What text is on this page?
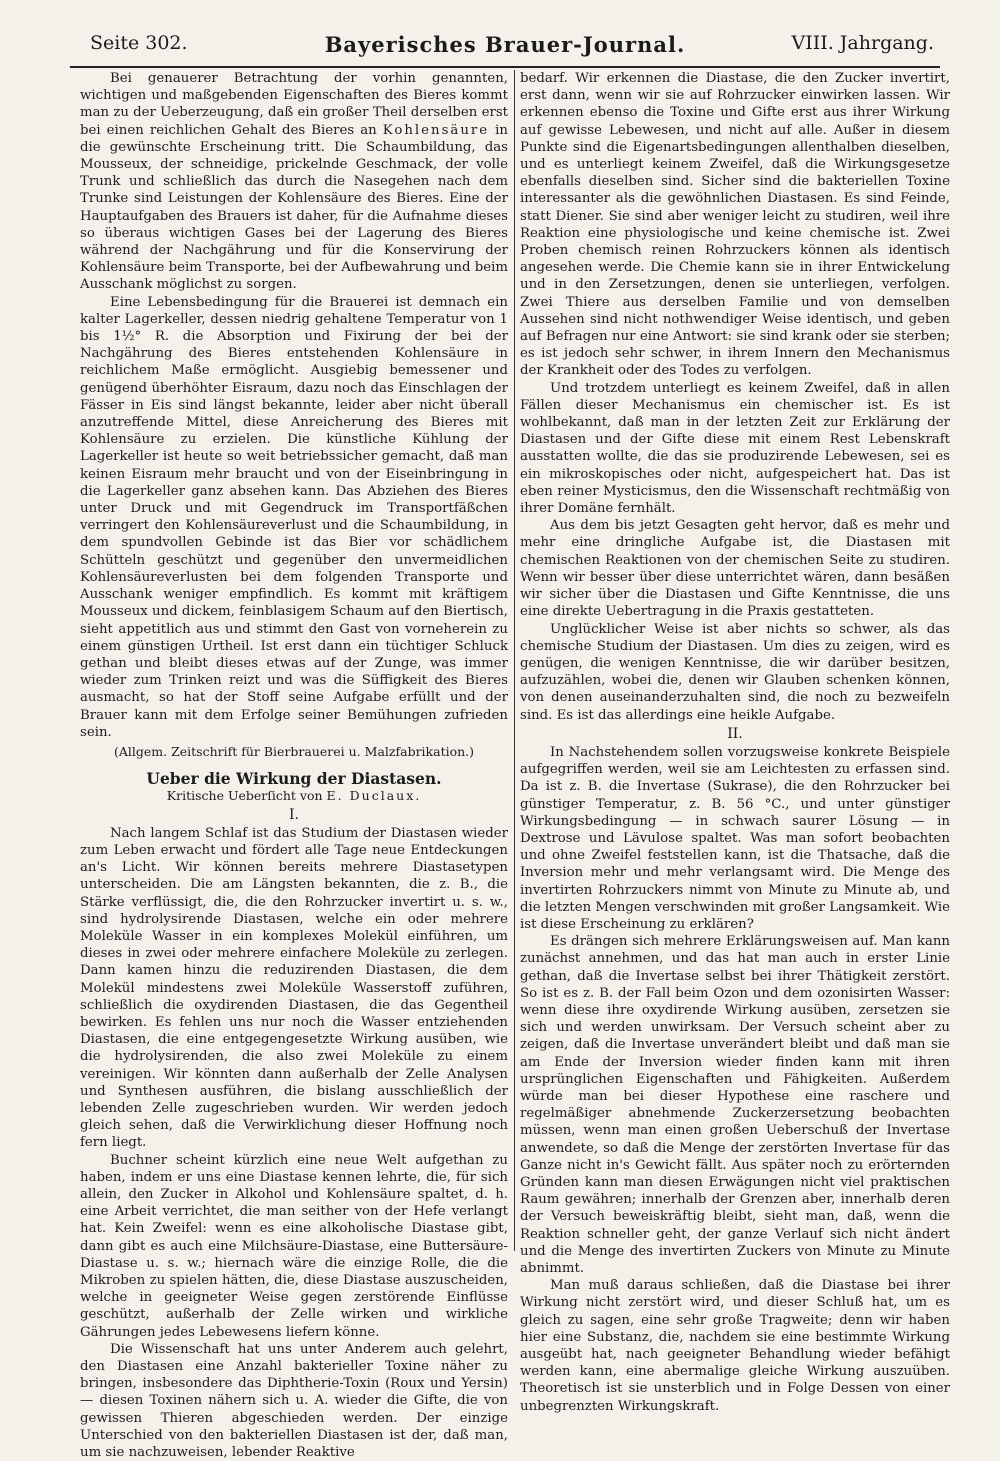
Seite 302.	Bayerisches Brauer-Journal.	VIII. Jahrgang.

Bei genauerer Betrachtung der vorhin genannten, wichtigen und maßgebenden Eigenschaften des Bieres kommt man zu der Ueberzeugung, daß ein großer Theil derselben erst bei einen reichlichen Gehalt des Bieres an Kohlensäure in die gewünschte Erscheinung tritt. Die Schaumbildung, das Mousseux, der schneidige, prickelnde Geschmack, der volle Trunk und schließlich das durch die Nasegehen nach dem Trunke sind Leistungen der Kohlensäure des Bieres. Eine der Hauptaufgaben des Brauers ist daher, für die Aufnahme dieses so überaus wichtigen Gases bei der Lagerung des Bieres während der Nachgährung und für die Konservirung der Kohlensäure beim Transporte, bei der Aufbewahrung und beim Ausschank möglichst zu sorgen.

Eine Lebensbedingung für die Brauerei ist demnach ein kalter Lagerkeller, dessen niedrig gehaltene Temperatur von 1 bis 1½° R. die Absorption und Fixirung der bei der Nachgährung des Bieres entstehenden Kohlensäure in reichlichem Maße ermöglicht. Ausgiebig bemessener und genügend überhöhter Eisraum, dazu noch das Einschlagen der Fässer in Eis sind längst bekannte, leider aber nicht überall anzutreffende Mittel, diese Anreicherung des Bieres mit Kohlensäure zu erzielen. Die künstliche Kühlung der Lagerkeller ist heute so weit betriebssicher gemacht, daß man keinen Eisraum mehr braucht und von der Eiseinbringung in die Lagerkeller ganz absehen kann. Das Abziehen des Bieres unter Druck und mit Gegendruck im Transportfäßchen verringert den Kohlensäureverlust und die Schaumbildung, in dem spundvollen Gebinde ist das Bier vor schädlichem Schütteln geschützt und gegenüber den unvermeidlichen Kohlensäureverlusten bei dem folgenden Transporte und Ausschank weniger empfindlich. Es kommt mit kräftigem Mousseux und dickem, feinblasigem Schaum auf den Biertisch, sieht appetitlich aus und stimmt den Gast von vorneherein zu einem günstigen Urtheil. Ist erst dann ein tüchtiger Schluck gethan und bleibt dieses etwas auf der Zunge, was immer wieder zum Trinken reizt und was die Süffigkeit des Bieres ausmacht, so hat der Stoff seine Aufgabe erfüllt und der Brauer kann mit dem Erfolge seiner Bemühungen zufrieden sein.

(Allgem. Zeitschrift für Bierbrauerei u. Malzfabrikation.)

Ueber die Wirkung der Diastasen.

Kritische Ueberſicht von E. Duclaux.

I.

Nach langem Schlaf ist das Studium der Diastasen wieder zum Leben erwacht und fördert alle Tage neue Entdeckungen an's Licht. Wir können bereits mehrere Diastasetypen unterscheiden. Die am Längsten bekannten, die z. B., die Stärke verflüssigt, die, die den Rohrzucker invertirt u. s. w., sind hydrolysirende Diastasen, welche ein oder mehrere Moleküle Wasser in ein komplexes Molekül einführen, um dieses in zwei oder mehrere einfachere Moleküle zu zerlegen. Dann kamen hinzu die reduzirenden Diastasen, die dem Molekül mindestens zwei Moleküle Wasserstoff zuführen, schließlich die oxydirenden Diastasen, die das Gegentheil bewirken. Es fehlen uns nur noch die Wasser entziehenden Diastasen, die eine entgegengesetzte Wirkung ausüben, wie die hydrolysirenden, die also zwei Moleküle zu einem vereinigen. Wir könnten dann außerhalb der Zelle Analysen und Synthesen ausführen, die bislang ausschließlich der lebenden Zelle zugeschrieben wurden. Wir werden jedoch gleich sehen, daß die Verwirklichung dieser Hoffnung noch fern liegt.

Buchner scheint kürzlich eine neue Welt aufgethan zu haben, indem er uns eine Diastase kennen lehrte, die, für sich allein, den Zucker in Alkohol und Kohlensäure spaltet, d. h. eine Arbeit verrichtet, die man seither von der Hefe verlangt hat. Kein Zweifel: wenn es eine alkoholische Diastase gibt, dann gibt es auch eine Milchsäure-Diastase, eine Buttersäure-Diastase u. s. w.; hiernach wäre die einzige Rolle, die die Mikroben zu spielen hätten, die, diese Diastase auszuscheiden, welche in geeigneter Weise gegen zerstörende Einflüsse geschützt, außerhalb der Zelle wirken und wirkliche Gährungen jedes Lebewesens liefern könne.

Die Wissenschaft hat uns unter Anderem auch gelehrt, den Diastasen eine Anzahl bakterieller Toxine näher zu bringen, insbesondere das Diphtherie-Toxin (Roux und Yersin) — diesen Toxinen nähern sich u. A. wieder die Gifte, die von gewissen Thieren abgeschieden werden. Der einzige Unterschied von den bakteriellen Diastasen ist der, daß man, um sie nachzuweisen, lebender Reaktive

bedarf. Wir erkennen die Diastase, die den Zucker invertirt, erst dann, wenn wir sie auf Rohrzucker einwirken lassen. Wir erkennen ebenso die Toxine und Gifte erst aus ihrer Wirkung auf gewisse Lebewesen, und nicht auf alle. Außer in diesem Punkte sind die Eigenartsbedingungen allenthalben dieselben, und es unterliegt keinem Zweifel, daß die Wirkungsgesetze ebenfalls dieselben sind. Sicher sind die bakteriellen Toxine interessanter als die gewöhnlichen Diastasen. Es sind Feinde, statt Diener. Sie sind aber weniger leicht zu studiren, weil ihre Reaktion eine physiologische und keine chemische ist. Zwei Proben chemisch reinen Rohrzuckers können als identisch angesehen werde. Die Chemie kann sie in ihrer Entwickelung und in den Zersetzungen, denen sie unterliegen, verfolgen. Zwei Thiere aus derselben Familie und von demselben Aussehen sind nicht nothwendiger Weise identisch, und geben auf Befragen nur eine Antwort: sie sind krank oder sie sterben; es ist jedoch sehr schwer, in ihrem Innern den Mechanismus der Krankheit oder des Todes zu verfolgen.

Und trotzdem unterliegt es keinem Zweifel, daß in allen Fällen dieser Mechanismus ein chemischer ist. Es ist wohlbekannt, daß man in der letzten Zeit zur Erklärung der Diastasen und der Gifte diese mit einem Rest Lebenskraft ausstatten wollte, die das sie produzirende Lebewesen, sei es ein mikroskopisches oder nicht, aufgespeichert hat. Das ist eben reiner Mysticismus, den die Wissenschaft rechtmäßig von ihrer Domäne fernhält.

Aus dem bis jetzt Gesagten geht hervor, daß es mehr und mehr eine dringliche Aufgabe ist, die Diastasen mit chemischen Reaktionen von der chemischen Seite zu studiren. Wenn wir besser über diese unterrichtet wären, dann besäßen wir sicher über die Diastasen und Gifte Kenntnisse, die uns eine direkte Uebertragung in die Praxis gestatteten.

Unglücklicher Weise ist aber nichts so schwer, als das chemische Studium der Diastasen. Um dies zu zeigen, wird es genügen, die wenigen Kenntnisse, die wir darüber besitzen, aufzuzählen, wobei die, denen wir Glauben schenken können, von denen auseinanderzuhalten sind, die noch zu bezweifeln sind. Es ist das allerdings eine heikle Aufgabe.

II.

In Nachstehendem sollen vorzugsweise konkrete Beispiele aufgegriffen werden, weil sie am Leichtesten zu erfassen sind. Da ist z. B. die Invertase (Sukrase), die den Rohrzucker bei günstiger Temperatur, z. B. 56 °C., und unter günstiger Wirkungsbedingung — in schwach saurer Lösung — in Dextrose und Lävulose spaltet. Was man sofort beobachten und ohne Zweifel feststellen kann, ist die Thatsache, daß die Inversion mehr und mehr verlangsamt wird. Die Menge des invertirten Rohrzuckers nimmt von Minute zu Minute ab, und die letzten Mengen verschwinden mit großer Langsamkeit. Wie ist diese Erscheinung zu erklären?

Es drängen sich mehrere Erklärungsweisen auf. Man kann zunächst annehmen, und das hat man auch in erster Linie gethan, daß die Invertase selbst bei ihrer Thätigkeit zerstört. So ist es z. B. der Fall beim Ozon und dem ozonisirten Wasser: wenn diese ihre oxydirende Wirkung ausüben, zersetzen sie sich und werden unwirksam. Der Versuch scheint aber zu zeigen, daß die Invertase unverändert bleibt und daß man sie am Ende der Inversion wieder finden kann mit ihren ursprünglichen Eigenschaften und Fähigkeiten. Außerdem würde man bei dieser Hypothese eine raschere und regelmäßiger abnehmende Zuckerzersetzung beobachten müssen, wenn man einen großen Ueberschuß der Invertase anwendete, so daß die Menge der zerstörten Invertase für das Ganze nicht in's Gewicht fällt. Aus später noch zu erörternden Gründen kann man diesen Erwägungen nicht viel praktischen Raum gewähren; innerhalb der Grenzen aber, innerhalb deren der Versuch beweiskräftig bleibt, sieht man, daß, wenn die Reaktion schneller geht, der ganze Verlauf sich nicht ändert und die Menge des invertirten Zuckers von Minute zu Minute abnimmt.

Man muß daraus schließen, daß die Diastase bei ihrer Wirkung nicht zerstört wird, und dieser Schluß hat, um es gleich zu sagen, eine sehr große Tragweite; denn wir haben hier eine Substanz, die, nachdem sie eine bestimmte Wirkung ausgeübt hat, nach geeigneter Behandlung wieder befähigt werden kann, eine abermalige gleiche Wirkung auszuüben. Theoretisch ist sie unsterblich und in Folge Dessen von einer unbegrenzten Wirkungskraft.
